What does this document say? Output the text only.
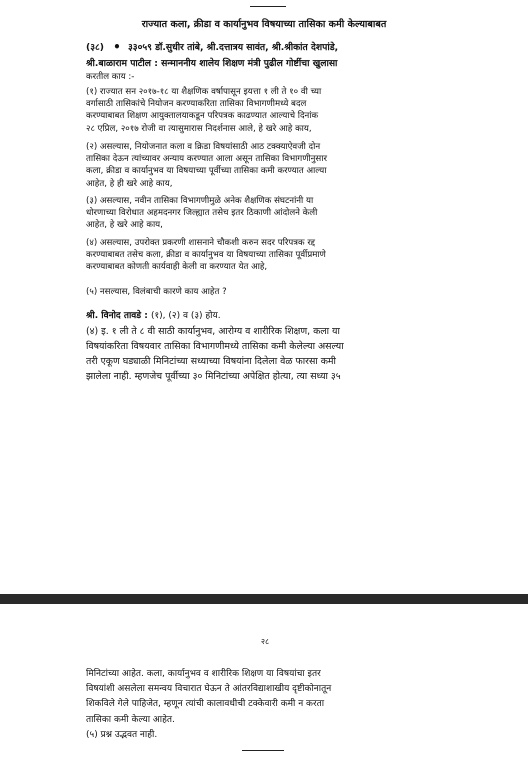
राज्यात कला, क्रीडा व कार्यानुभव विषयाच्या तासिका कमी केल्याबाबत
(३८) • ३३०५९ डॉ.सुधीर तांबे, श्री.दत्तात्रय सावंत, श्री.श्रीकांत देशपांडे,
श्री.बाळाराम पाटील : सन्माननीय शालेय शिक्षण मंत्री पुढील गोष्टींचा खुलासा
करतील काय :-
(१) राज्यात सन २०१७-१८ या शैक्षणिक वर्षापासून इयत्ता १ ली ते १० वी च्या
वर्गासाठी तासिकांचे नियोजन करण्याकरिता तासिका विभागणीमध्ये बदल
करण्याबाबत शिक्षण आयुक्तालयाकडून परिपत्रक काढण्यात आल्याचे दिनांक
२८ एप्रिल, २०१७ रोजी वा त्यासुमारास निदर्शनास आले, हे खरे आहे काय,
(२) असल्यास, नियोजनात कला व क्रिडा विषयांसाठी आठ टक्क्याऐवजी दोन
तासिका देऊन त्यांच्यावर अन्याय करण्यात आला असून तासिका विभागणीनुसार
कला, क्रीडा व कार्यानुभव या विषयाच्या पूर्वीच्या तासिका कमी करण्यात आल्या
आहेत, हे ही खरे आहे काय,
(३) असल्यास, नवीन तासिका विभागणीमुळे अनेक शैक्षणिक संघटनांनी या
धोरणाच्या विरोधात अहमदनगर जिल्ह्यात तसेच इतर ठिकाणी आंदोलने केली
आहेत, हे खरे आहे काय,
(४) असल्यास, उपरोक्त प्रकरणी शासनाने चौकशी करुन सदर परिपत्रक रद्द
करण्याबाबत तसेच कला, क्रीडा व कार्यानुभव या विषयाच्या तासिका पूर्वीप्रमाणे
करण्याबाबत कोणती कार्यवाही केली वा करण्यात येत आहे,
(५) नसल्यास, विलंबाची कारणे काय आहेत ?
श्री. विनोद तावडे : (१), (२) व (३) होय.
(४) इ. १ ली ते ८ वी साठी कार्यानुभव, आरोग्य व शारीरिक शिक्षण, कला या
विषयांकरिता विषयवार तासिका विभागणीमध्ये तासिका कमी केलेल्या असल्या
तरी एकूण घड्याळी मिनिटांच्या सध्याच्या विषयांना दिलेला वेळ फारसा कमी
झालेला नाही. म्हणजेच पूर्वीच्या ३० मिनिटांच्या अपेक्षित होत्या, त्या सध्या ३५
२८
मिनिटांच्या आहेत. कला, कार्यानुभव व शारीरिक शिक्षण या विषयांचा इतर
विषयांशी असलेला समन्वय विचारात घेऊन ते आंतरविद्याशाखीय दृष्टीकोनातून
शिकविले गेले पाहिजेत, म्हणून त्यांची कालावधीची टक्केवारी कमी न करता
तासिका कमी केल्या आहेत.
(५) प्रश्न उद्भवत नाही.
